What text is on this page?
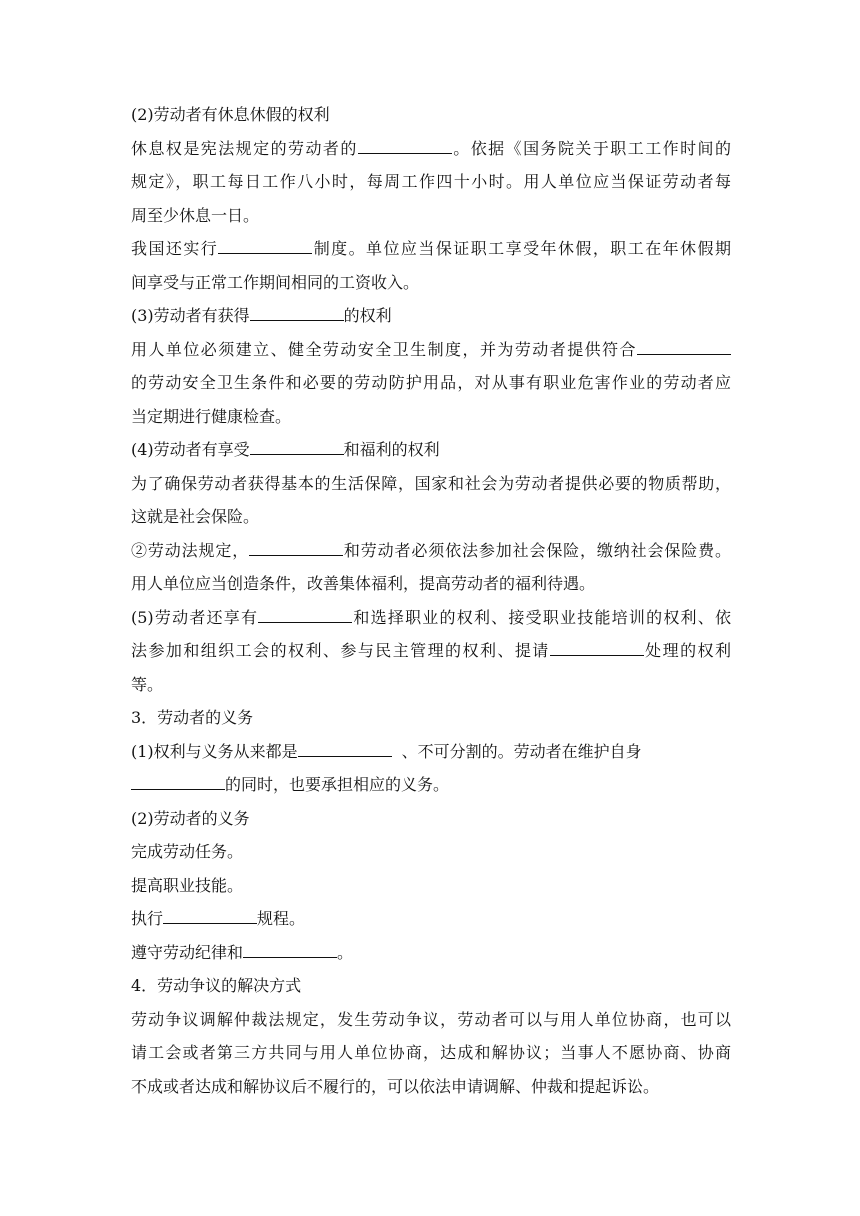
(2)劳动者有休息休假的权利
休息权是宪法规定的劳动者的	。依据《国务院关于职工工作时间的
规定》，职工每日工作八小时，每周工作四十小时。用人单位应当保证劳动者每
周至少休息一日。
我国还实行	制度。单位应当保证职工享受年休假，职工在年休假期
间享受与正常工作期间相同的工资收入。
(3)劳动者有获得	的权利
用人单位必须建立、健全劳动安全卫生制度，并为劳动者提供符合
的劳动安全卫生条件和必要的劳动防护用品，对从事有职业危害作业的劳动者应
当定期进行健康检查。
(4)劳动者有享受	和福利的权利
为了确保劳动者获得基本的生活保障，国家和社会为劳动者提供必要的物质帮助，
这就是社会保险。
②劳动法规定，	和劳动者必须依法参加社会保险，缴纳社会保险费。
用人单位应当创造条件，改善集体福利，提高劳动者的福利待遇。
(5)劳动者还享有	和选择职业的权利、接受职业技能培训的权利、依
法参加和组织工会的权利、参与民主管理的权利、提请	处理的权利
等。
3．劳动者的义务
(1)权利与义务从来都是	、不可分割的。劳动者在维护自身
的同时，也要承担相应的义务。
(2)劳动者的义务
完成劳动任务。
提高职业技能。
执行	规程。
遵守劳动纪律和	。
4．劳动争议的解决方式
劳动争议调解仲裁法规定，发生劳动争议，劳动者可以与用人单位协商，也可以
请工会或者第三方共同与用人单位协商，达成和解协议；当事人不愿协商、协商
不成或者达成和解协议后不履行的，可以依法申请调解、仲裁和提起诉讼。
